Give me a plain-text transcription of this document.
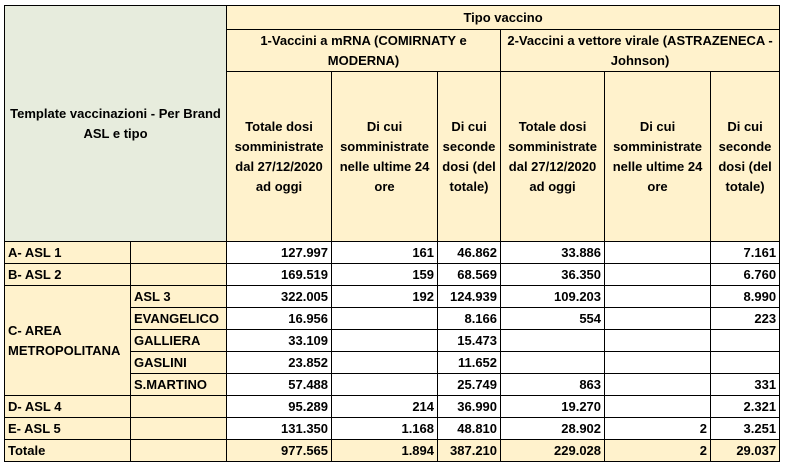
Template vaccinazioni - Per Brand ASL e tipo		Tipo vaccino					
		1-Vaccini a mRNA (COMIRNATY e MODERNA)			2-Vaccini a vettore virale (ASTRAZENECA - Johnson)		
		Totale dosi somministrate dal 27/12/2020 ad oggi	Di cui somministrate nelle ultime 24 ore	Di cui seconde dosi (del totale)	Totale dosi somministrate dal 27/12/2020 ad oggi	Di cui somministrate nelle ultime 24 ore	Di cui seconde dosi (del totale)
A- ASL 1		127.997	161	46.862	33.886		7.161
B- ASL 2		169.519	159	68.569	36.350		6.760
C- AREA METROPOLITANA	ASL 3	322.005	192	124.939	109.203		8.990
	EVANGELICO	16.956		8.166	554		223
	GALLIERA	33.109		15.473			
	GASLINI	23.852		11.652			
	S.MARTINO	57.488		25.749	863		331
D- ASL 4		95.289	214	36.990	19.270		2.321
E- ASL 5		131.350	1.168	48.810	28.902	2	3.251
Totale		977.565	1.894	387.210	229.028	2	29.037
